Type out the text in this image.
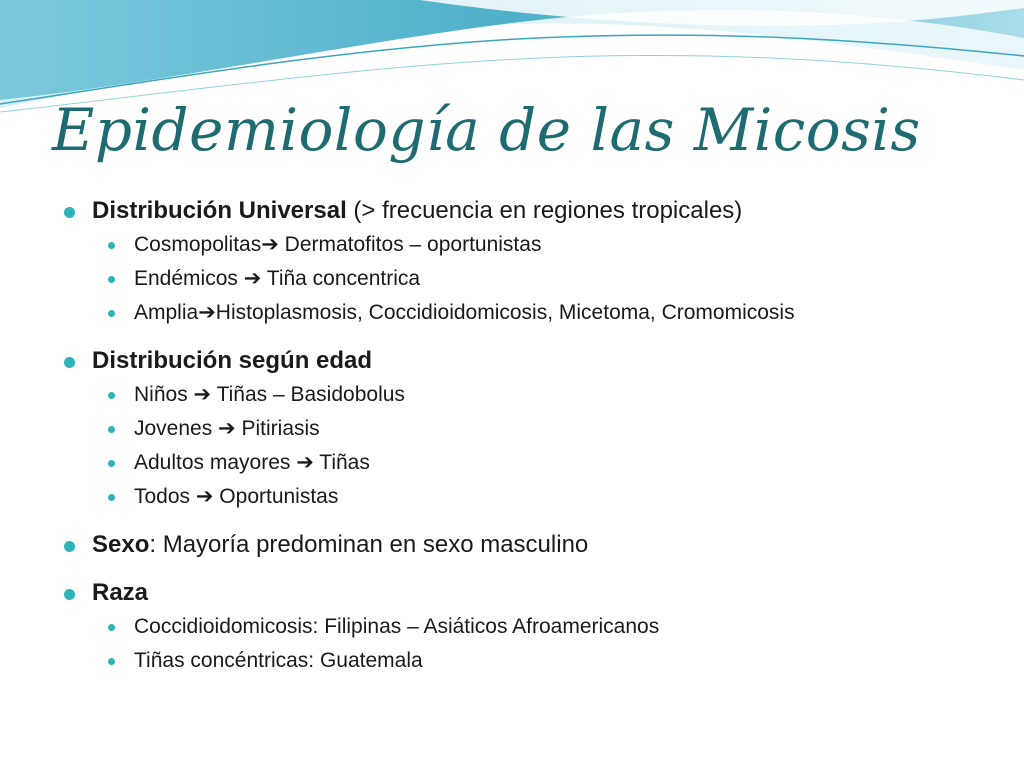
Epidemiología de las Micosis
Distribución Universal (> frecuencia en regiones tropicales)
Cosmopolitas➔ Dermatofitos – oportunistas
Endémicos ➔ Tiña concentrica
Amplia➔Histoplasmosis, Coccidioidomicosis, Micetoma, Cromomicosis
Distribución según edad
Niños ➔ Tiñas – Basidobolus
Jovenes ➔ Pitiriasis
Adultos mayores ➔ Tiñas
Todos ➔ Oportunistas
Sexo: Mayoría predominan en sexo masculino
Raza
Coccidioidomicosis: Filipinas – Asiáticos Afroamericanos
Tiñas concéntricas: Guatemala
